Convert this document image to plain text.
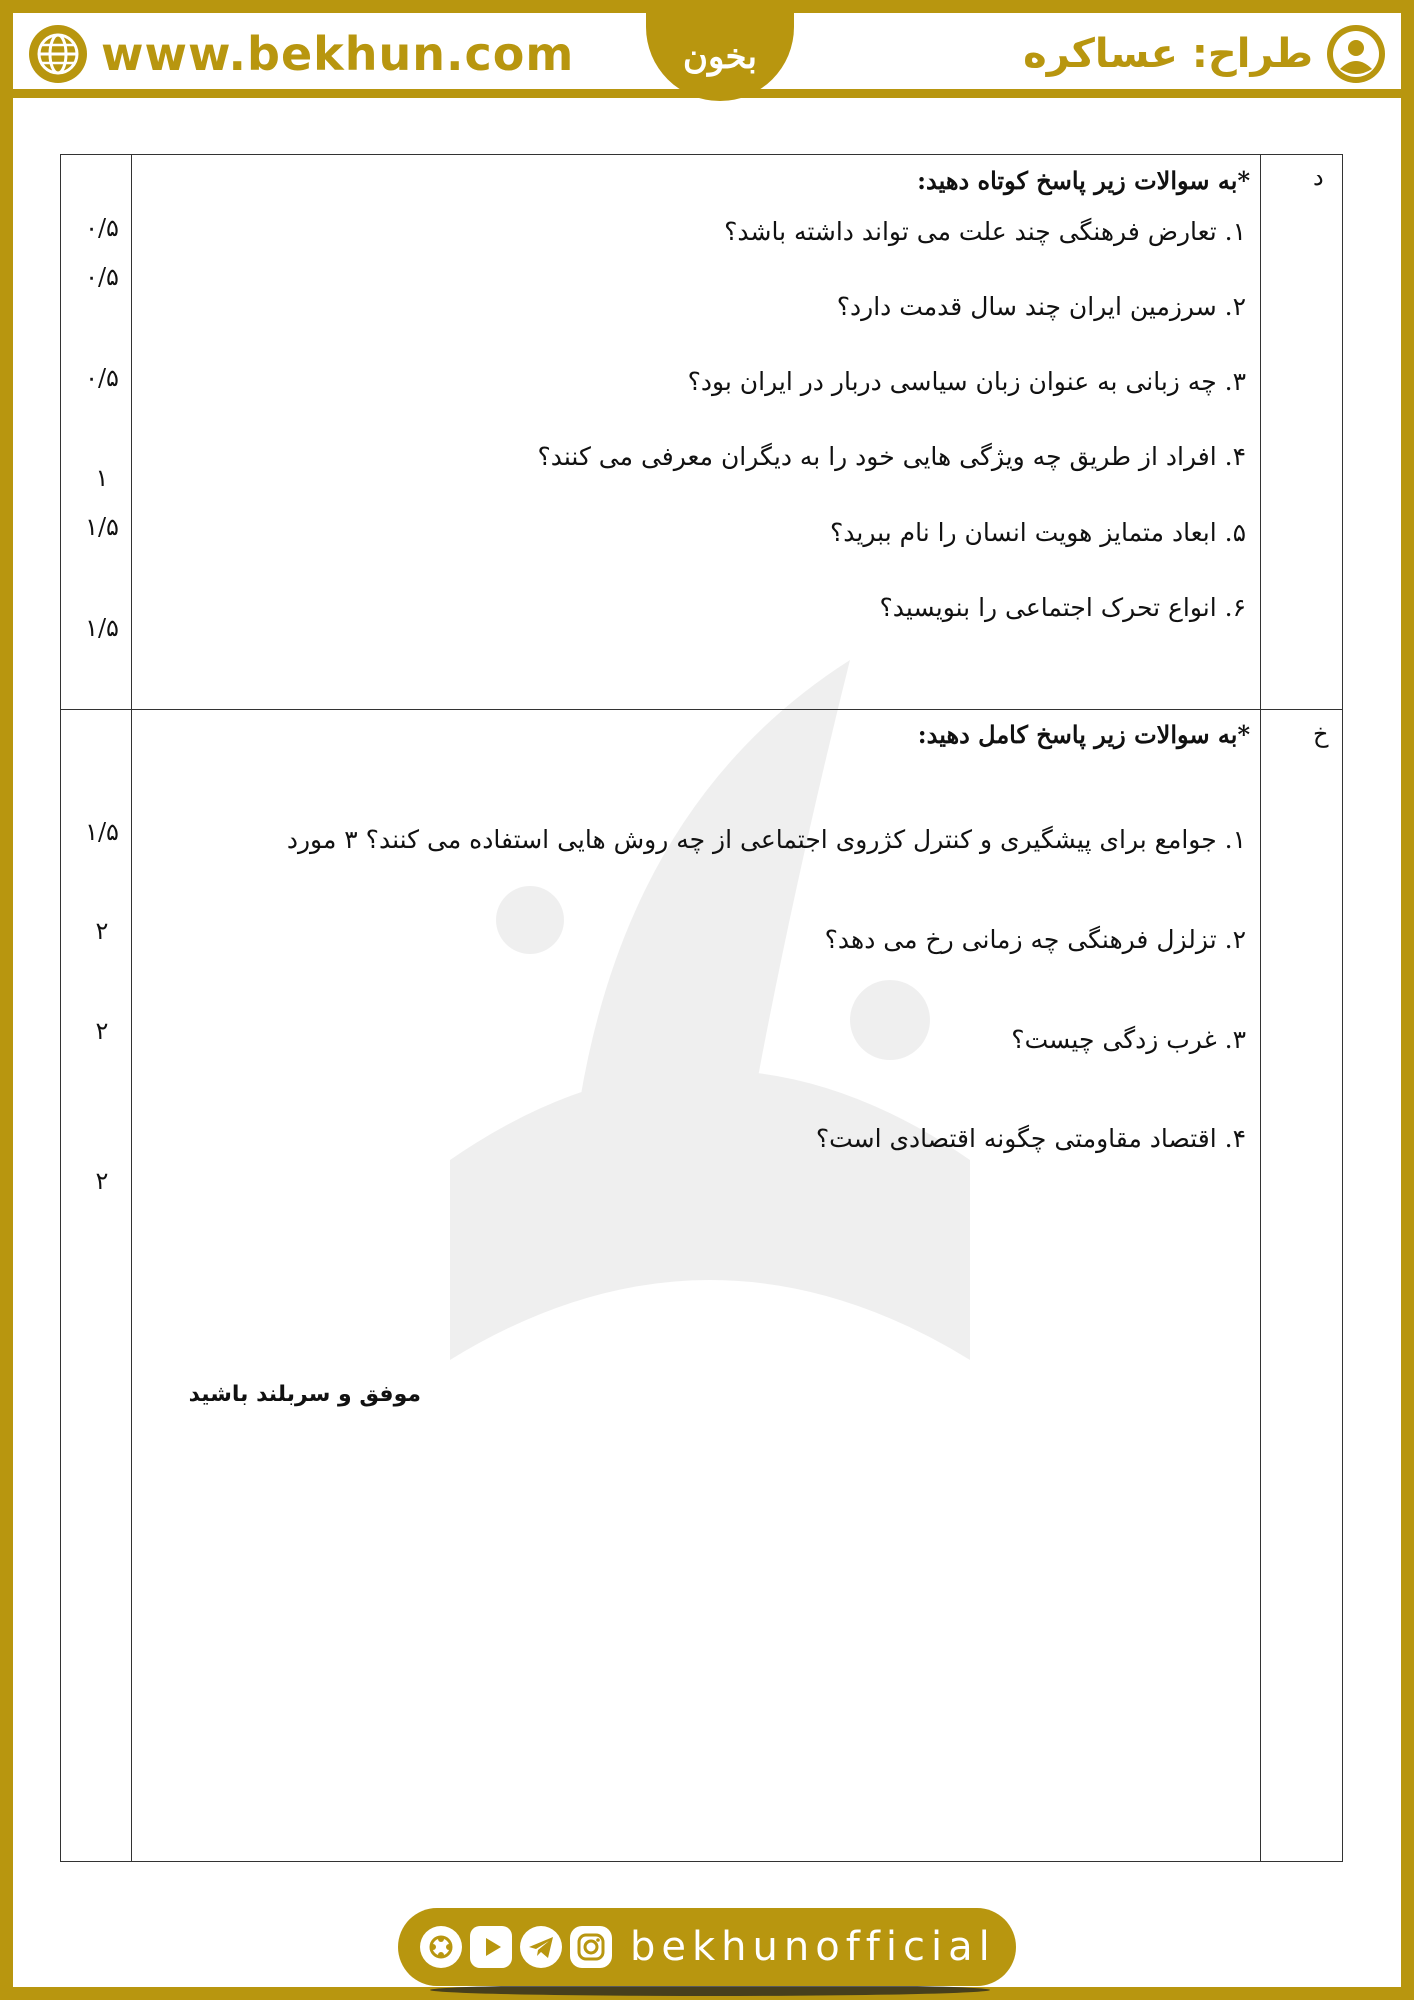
www.bekhun.com	بخون	طراح: عساکره
د
*به سوالات زیر پاسخ کوتاه دهید:
۱. تعارض فرهنگی چند علت می تواند داشته باشد؟
۲. سرزمین ایران چند سال قدمت دارد؟
۳. چه زبانی به عنوان زبان سیاسی دربار در ایران بود؟
۴. افراد از طریق چه ویژگی هایی خود را به دیگران معرفی می کنند؟
۵. ابعاد متمایز هویت انسان را نام ببرید؟
۶. انواع تحرک اجتماعی را بنویسید؟
۰/۵
۰/۵
۰/۵
۱
۱/۵
۱/۵
خ
*به سوالات زیر پاسخ کامل دهید:
۱. جوامع برای پیشگیری و کنترل کژروی اجتماعی از چه روش هایی استفاده می کنند؟ ۳ مورد
۲. تزلزل فرهنگی چه زمانی رخ می دهد؟
۳. غرب زدگی چیست؟
۴. اقتصاد مقاومتی چگونه اقتصادی است؟
۱/۵
۲
۲
۲
موفق و سربلند باشید
bekhunofficial
